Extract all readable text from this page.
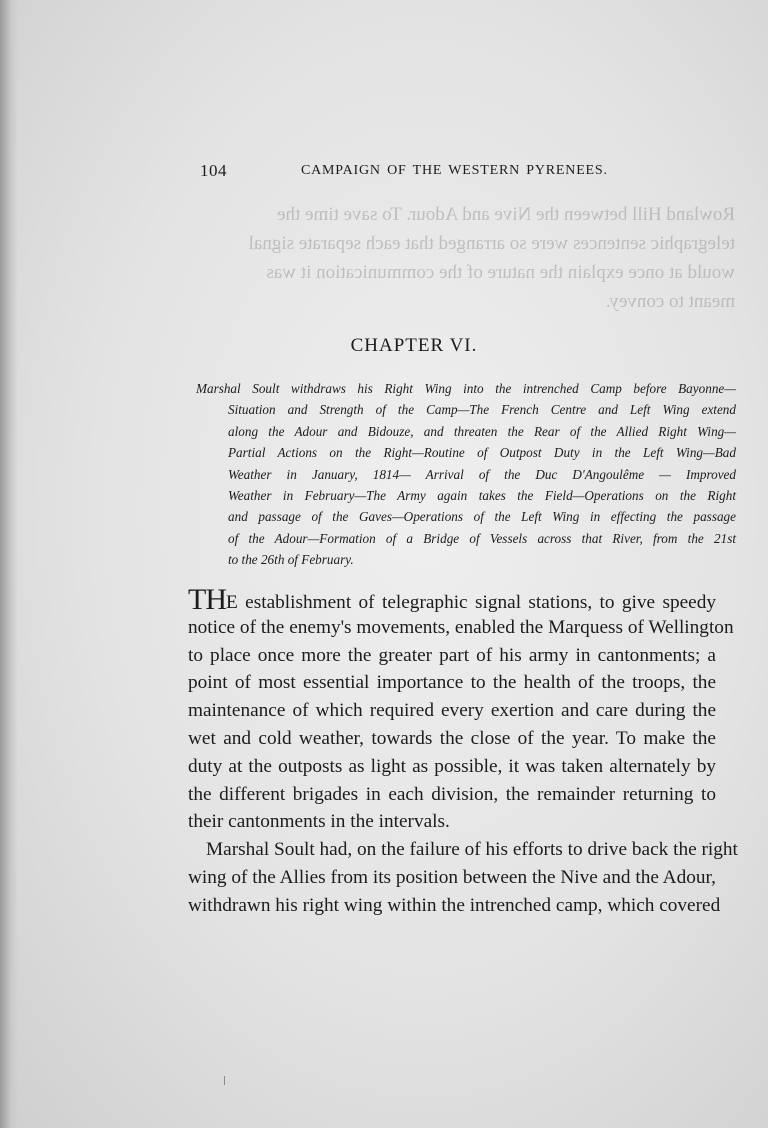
Rowland Hill between the Nive and Adour. To save time the
telegraphic sentences were so arranged that each separate signal
would at once explain the nature of the communication it was
meant to convey.
104	CAMPAIGN OF THE WESTERN PYRENEES.
CHAPTER VI.
Marshal Soult withdraws his Right Wing into the intrenched Camp before Bayonne—
Situation and Strength of the Camp—The French Centre and Left Wing extend
along the Adour and Bidouze, and threaten the Rear of the Allied Right Wing—
Partial Actions on the Right—Routine of Outpost Duty in the Left Wing—Bad
Weather in January, 1814— Arrival of the Duc D'Angoulême — Improved
Weather in February—The Army again takes the Field—Operations on the Right
and passage of the Gaves—Operations of the Left Wing in effecting the passage
of the Adour—Formation of a Bridge of Vessels across that River, from the 21st
to the 26th of February.
THE establishment of telegraphic signal stations, to give speedy
notice of the enemy's movements, enabled the Marquess of Wellington
to place once more the greater part of his army in cantonments; a
point of most essential importance to the health of the troops, the
maintenance of which required every exertion and care during the
wet and cold weather, towards the close of the year. To make the
duty at the outposts as light as possible, it was taken alternately by
the different brigades in each division, the remainder returning to
their cantonments in the intervals.
Marshal Soult had, on the failure of his efforts to drive back the right
wing of the Allies from its position between the Nive and the Adour,
withdrawn his right wing within the intrenched camp, which covered
